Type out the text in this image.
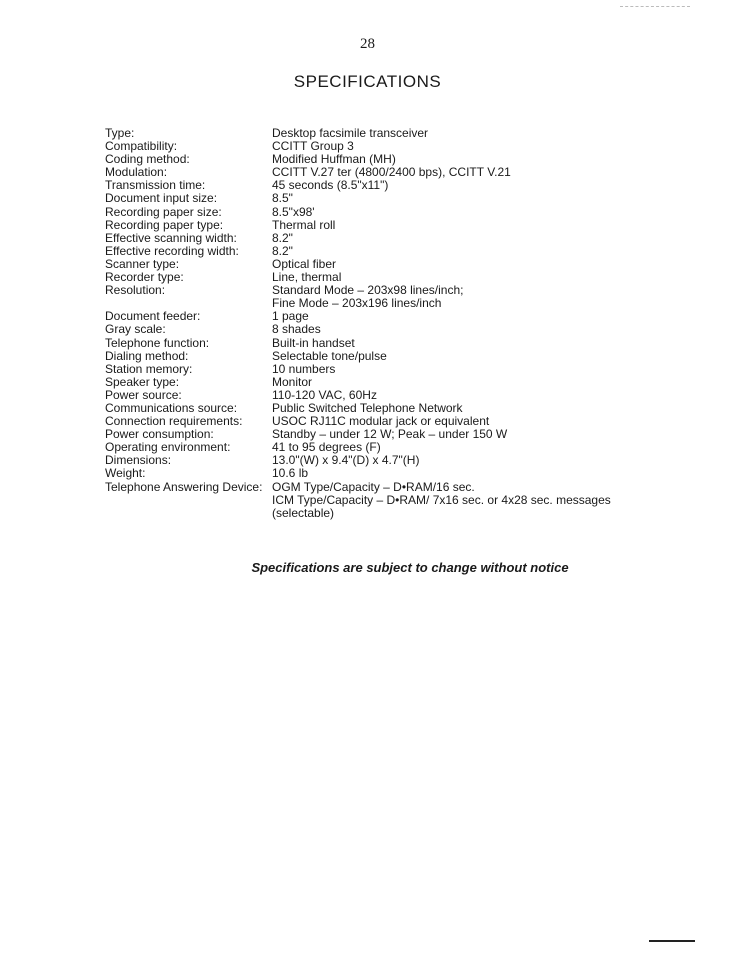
28
SPECIFICATIONS
Type:	Desktop facsimile transceiver
Compatibility:	CCITT Group 3
Coding method:	Modified Huffman (MH)
Modulation:	CCITT V.27 ter (4800/2400 bps), CCITT V.21
Transmission time:	45 seconds (8.5"x11")
Document input size:	8.5"
Recording paper size:	8.5"x98'
Recording paper type:	Thermal roll
Effective scanning width:	8.2"
Effective recording width:	8.2"
Scanner type:	Optical fiber
Recorder type:	Line, thermal
Resolution:	Standard Mode – 203x98 lines/inch;
Fine Mode – 203x196 lines/inch
Document feeder:	1 page
Gray scale:	8 shades
Telephone function:	Built-in handset
Dialing method:	Selectable tone/pulse
Station memory:	10 numbers
Speaker type:	Monitor
Power source:	110-120 VAC, 60Hz
Communications source:	Public Switched Telephone Network
Connection requirements:	USOC RJ11C modular jack or equivalent
Power consumption:	Standby – under 12 W; Peak – under 150 W
Operating environment:	41 to 95 degrees (F)
Dimensions:	13.0"(W) x 9.4"(D) x 4.7"(H)
Weight:	10.6 lb
Telephone Answering Device: OGM Type/Capacity – D•RAM/16 sec.
ICM Type/Capacity – D•RAM/ 7x16 sec. or 4x28 sec. messages
(selectable)
Specifications are subject to change without notice
